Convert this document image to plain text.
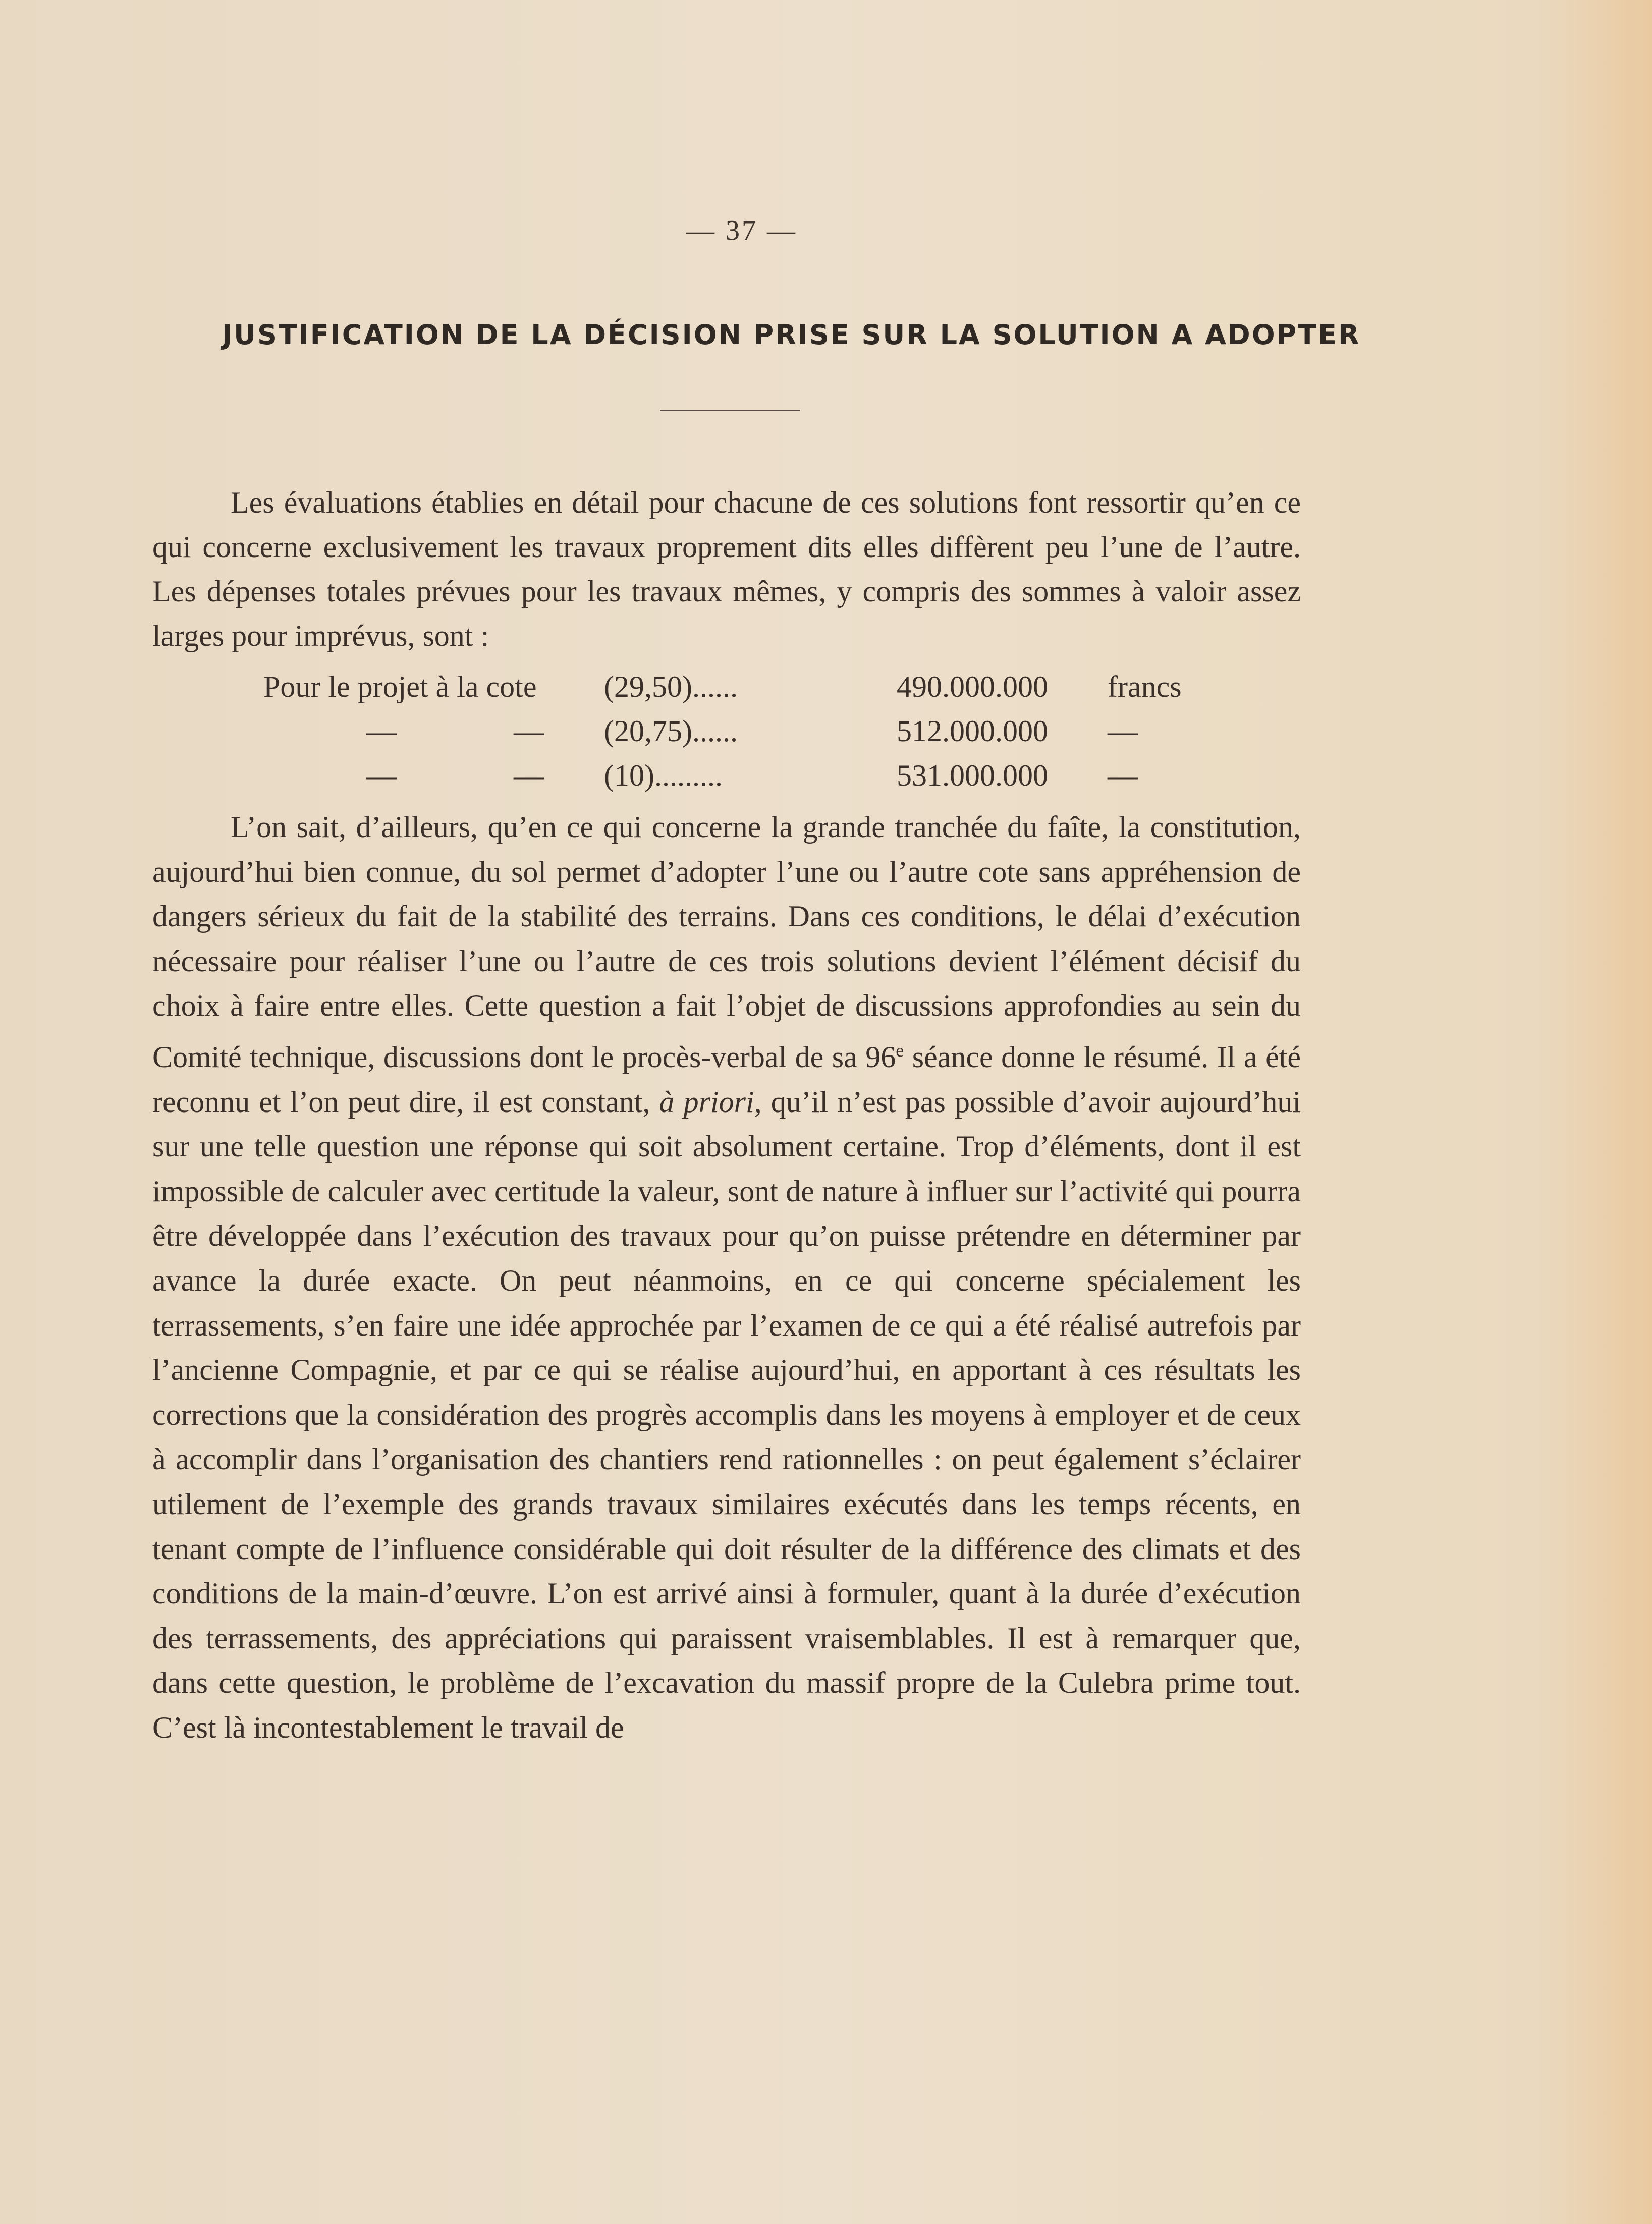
— 37 —
JUSTIFICATION DE LA DÉCISION PRISE SUR LA SOLUTION A ADOPTER

Les évaluations établies en détail pour chacune de ces solutions font ressortir qu’en ce qui concerne exclusivement les travaux proprement dits elles diffèrent peu l’une de l’autre. Les dépenses totales prévues pour les travaux mêmes, y compris des sommes à valoir assez larges pour imprévus, sont :

Pour le projet à la cote (29,50)......	490.000.000 francs
—	— (20,75)......	512.000.000 —
—	— (10).........	531.000.000 —

L’on sait, d’ailleurs, qu’en ce qui concerne la grande tranchée du faîte, la constitution, aujourd’hui bien connue, du sol permet d’adopter l’une ou l’autre cote sans appréhension de dangers sérieux du fait de la stabilité des terrains. Dans ces conditions, le délai d’exécution nécessaire pour réaliser l’une ou l’autre de ces trois solutions devient l’élément décisif du choix à faire entre elles. Cette question a fait l’objet de discussions approfondies au sein du Comité technique, discussions dont le procès-verbal de sa 96e séance donne le résumé. Il a été reconnu et l’on peut dire, il est constant, à priori, qu’il n’est pas possible d’avoir aujourd’hui sur une telle question une réponse qui soit absolument certaine. Trop d’éléments, dont il est impossible de calculer avec certitude la valeur, sont de nature à influer sur l’activité qui pourra être développée dans l’exécution des travaux pour qu’on puisse prétendre en déterminer par avance la durée exacte. On peut néanmoins, en ce qui concerne spécialement les terrassements, s’en faire une idée approchée par l’examen de ce qui a été réalisé autrefois par l’ancienne Compagnie, et par ce qui se réalise aujourd’hui, en apportant à ces résultats les corrections que la considération des progrès accomplis dans les moyens à employer et de ceux à accomplir dans l’organisation des chantiers rend rationnelles : on peut également s’éclairer utilement de l’exemple des grands travaux similaires exécutés dans les temps récents, en tenant compte de l’influence considérable qui doit résulter de la différence des climats et des conditions de la main-d’œuvre. L’on est arrivé ainsi à formuler, quant à la durée d’exécution des terrassements, des appréciations qui paraissent vraisemblables. Il est à remarquer que, dans cette question, le problème de l’excavation du massif propre de la Culebra prime tout. C’est là incontestablement le travail de
